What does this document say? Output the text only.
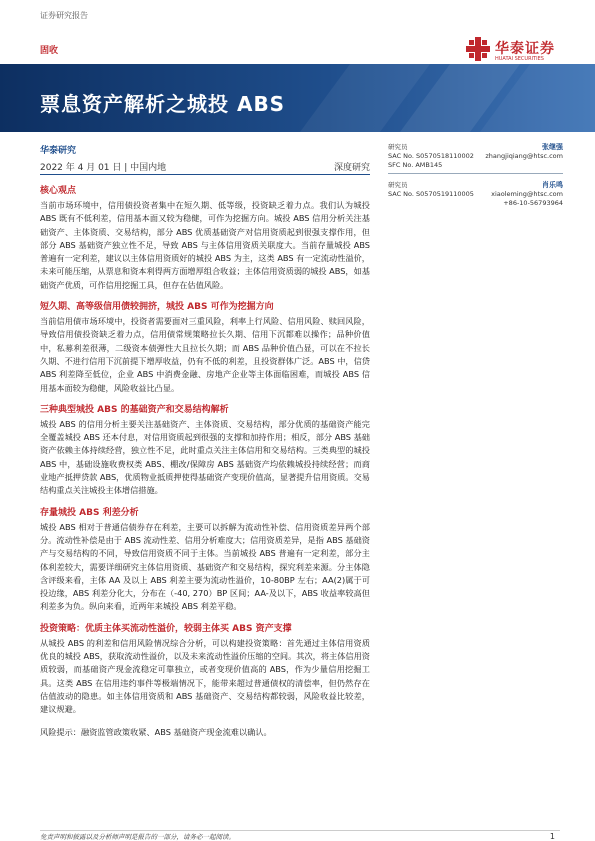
证券研究报告
固收	华泰证券
HUATAI SECURITIES
票息资产解析之城投 ABS
华泰研究
2022 年 4 月 01 日 | 中国内地	深度研究
研究员	张继强
SAC No. S0570518110002 zhangjiqiang@htsc.com
SFC No. AMB145
研究员	肖乐鸣
SAC No. S0570519110005	xiaoleming@htsc.com
+86-10-56793964
核心观点

当前市场环境中，信用债投资者集中在短久期、低等级，投资缺乏着力点。我们认为城投 ABS 既有不低利差，信用基本面又较为稳健，可作为挖掘方向。城投 ABS 信用分析关注基础资产、主体资质、交易结构，部分 ABS 优质基础资产对信用资质起到很强支撑作用，但部分 ABS 基础资产独立性不足，导致 ABS 与主体信用资质关联度大。当前存量城投 ABS 普遍有一定利差，建议以主体信用资质好的城投 ABS 为主，这类 ABS 有一定流动性溢价，未来可能压缩，从票息和资本利得两方面增厚组合收益；主体信用资质弱的城投 ABS，如基础资产优质，可作信用挖掘工具，但存在估值风险。

短久期、高等级信用债较拥挤，城投 ABS 可作为挖掘方向

当前信用债市场环境中，投资者需要面对三重风险，利率上行风险、信用风险、赎回风险，导致信用债投资缺乏着力点，信用债常规策略拉长久期、信用下沉都难以操作；品种价值中，私募利差很薄，二级资本债弹性大且拉长久期；而 ABS 品种价值凸显，可以在不拉长久期、不进行信用下沉前提下增厚收益，仍有不低的利差，且投资群体广泛。ABS 中，信贷 ABS 利差降至低位，企业 ABS 中消费金融、房地产企业等主体面临困难，而城投 ABS 信用基本面较为稳健，风险收益比凸显。

三种典型城投 ABS 的基础资产和交易结构解析

城投 ABS 的信用分析主要关注基础资产、主体资质、交易结构，部分优质的基础资产能完全覆盖城投 ABS 还本付息，对信用资质起到很强的支撑和加持作用；相反，部分 ABS 基础资产依赖主体持续经营，独立性不足，此时重点关注主体信用和交易结构。三类典型的城投 ABS 中，基础设施收费权类 ABS、棚改/保障房 ABS 基础资产均依赖城投持续经营；而商业地产抵押贷款 ABS，优质物业抵质押使得基础资产变现价值高，显著提升信用资质。交易结构重点关注城投主体增信措施。

存量城投 ABS 利差分析

城投 ABS 相对于普通信债券存在利差，主要可以拆解为流动性补偿、信用资质差异两个部分。流动性补偿是由于 ABS 流动性差、信用分析难度大；信用资质差异，是指 ABS 基础资产与交易结构的不同，导致信用资质不同于主体。当前城投 ABS 普遍有一定利差，部分主体利差较大，需要详细研究主体信用资质、基础资产和交易结构，探究利差来源。分主体隐含评级来看，主体 AA 及以上 ABS 利差主要为流动性溢价，10-80BP 左右；AA(2)属于可投边缘，ABS 利差分化大，分布在（-40, 270）BP 区间；AA-及以下，ABS 收益率较高但利差多为负。纵向来看，近两年来城投 ABS 利差平稳。

投资策略：优质主体买流动性溢价，较弱主体买 ABS 资产支撑

从城投 ABS 的利差和信用风险情况综合分析，可以构建投资策略：首先通过主体信用资质优良的城投 ABS，获取流动性溢价，以及未来流动性溢价压缩的空间。其次，将主体信用资质较弱，而基础资产现金流稳定可靠独立，或者变现价值高的 ABS，作为少量信用挖掘工具。这类 ABS 在信用违约事件等极端情况下，能带来超过普通债权的清偿率，但仍然存在估值波动的隐患。如主体信用资质和 ABS 基础资产、交易结构都较弱，风险收益比较差，建议规避。

风险提示：融资监管政策收紧、ABS 基础资产现金流难以确认。

免责声明和披露以及分析师声明是报告的一部分，请务必一起阅读。	1
